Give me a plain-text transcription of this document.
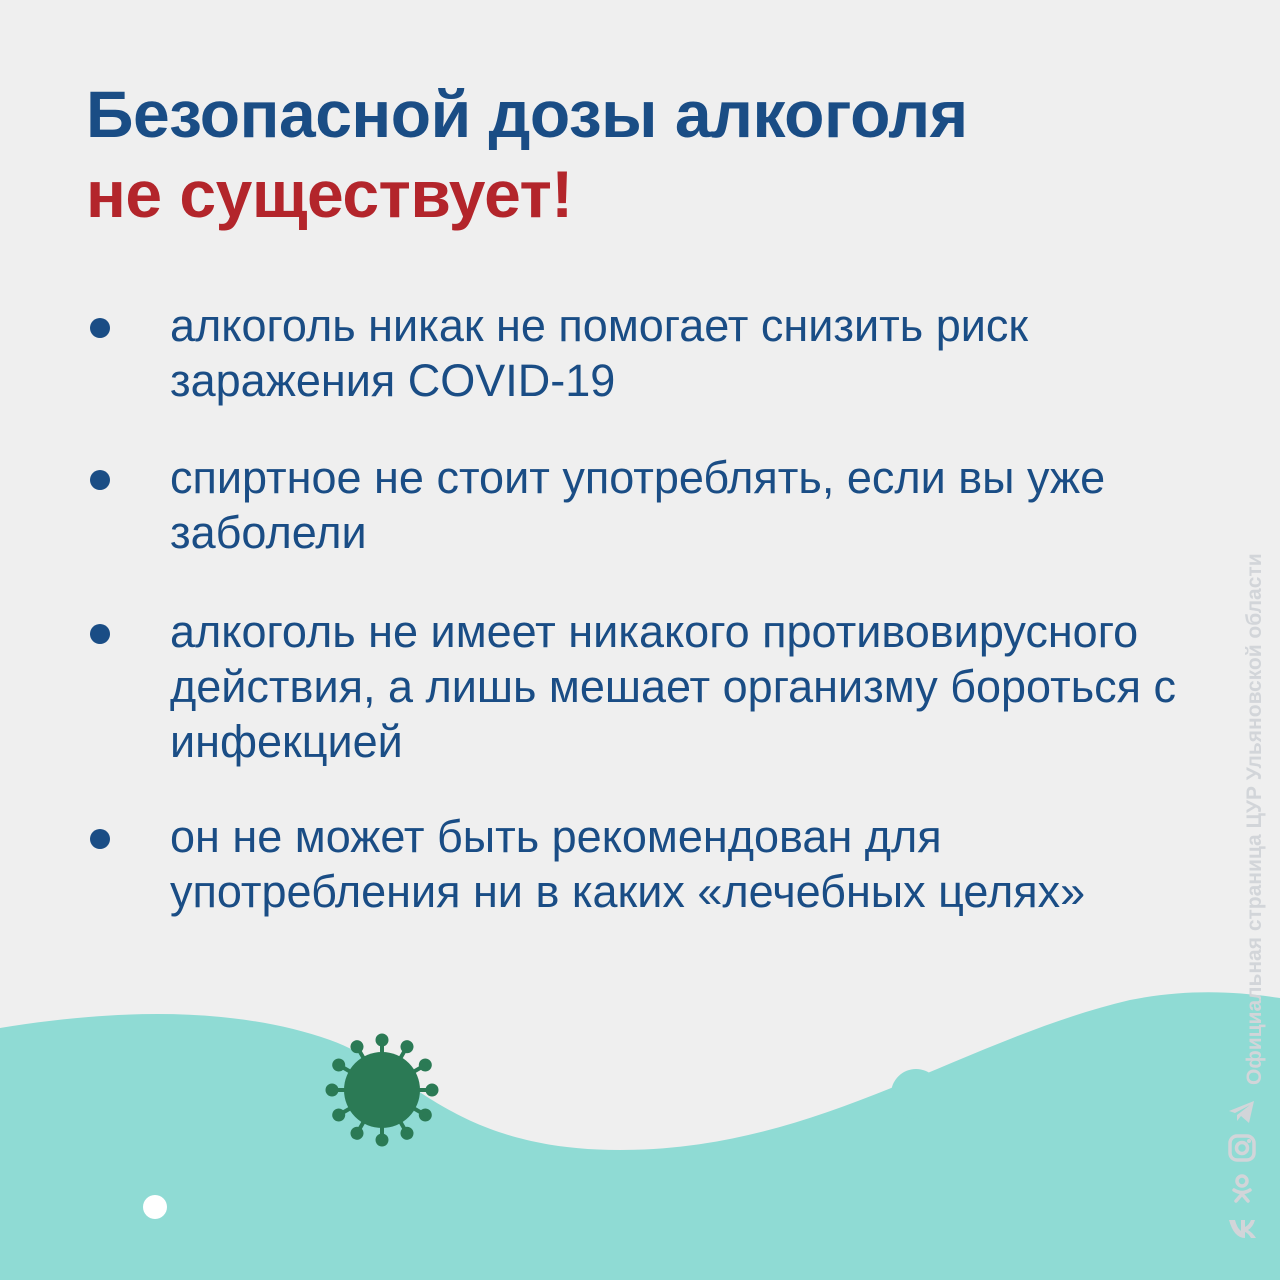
Безопасной дозы алкоголя
не существует!
алкоголь никак не помогает снизить риск заражения COVID-19
спиртное не стоит употреблять, если вы уже заболели
алкоголь не имеет никакого противовирусного действия, а лишь мешает организму бороться с инфекцией
он не может быть рекомендован для употребления ни в каких «лечебных целях»	Официальная страница ЦУР Ульяновской области
